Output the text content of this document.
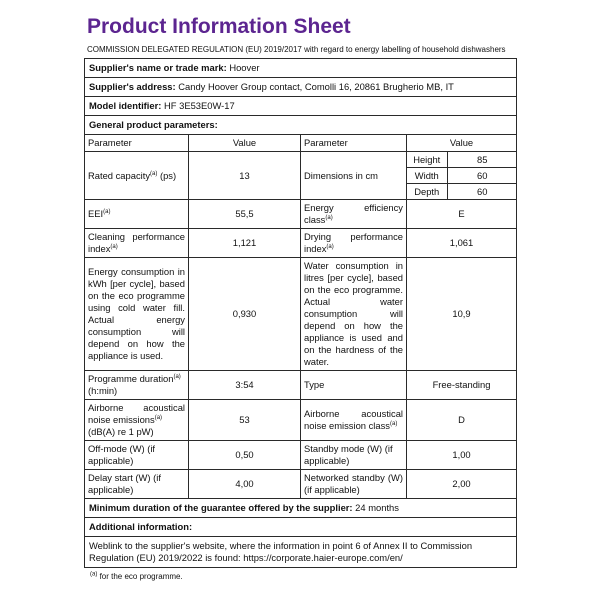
Product Information Sheet
COMMISSION DELEGATED REGULATION (EU) 2019/2017 with regard to energy labelling of household dishwashers
Supplier's name or trade mark: Hoover
Supplier's address: Candy Hoover Group contact, Comolli 16, 20861 Brugherio MB, IT
Model identifier: HF 3E53E0W-17
General product parameters:
Parameter	Value	Parameter	Value
Rated capacity$^{(a)}$ (ps)	13	Dimensions in cm	
Height	85
Width	60
Depth	60

EEI$^{(a)}$	55,5	Energy efficiency class$^{(a)}$	E
Cleaning performance index$^{(a)}$	1,121	Drying performance index$^{(a)}$	1,061
Energy consumption in kWh [per cycle], based on the eco programme using cold water fill. Actual energy consumption will depend on how the appliance is used.	0,930	Water consumption in litres [per cycle], based on the eco programme. Actual water consumption will depend on how the appliance is used and on the hardness of the water.	10,9
Programme duration$^{(a)}$
(h:min)	3:54	Type	Free-standing
Airborne acoustical noise emissions$^{(a)}$
(dB(A) re 1 pW)	53	Airborne acoustical noise emission class$^{(a)}$	D
Off-mode (W) (if applicable)	0,50	Standby mode (W) (if applicable)	1,00
Delay start (W) (if applicable)	4,00	Networked standby (W) (if applicable)	2,00
Minimum duration of the guarantee offered by the supplier: 24 months
Additional information:
Weblink to the supplier's website, where the information in point 6 of Annex II to Commission Regulation (EU) 2019/2022 is found: https://corporate.haier-europe.com/en/
$^{(a)}$ for the eco programme.
